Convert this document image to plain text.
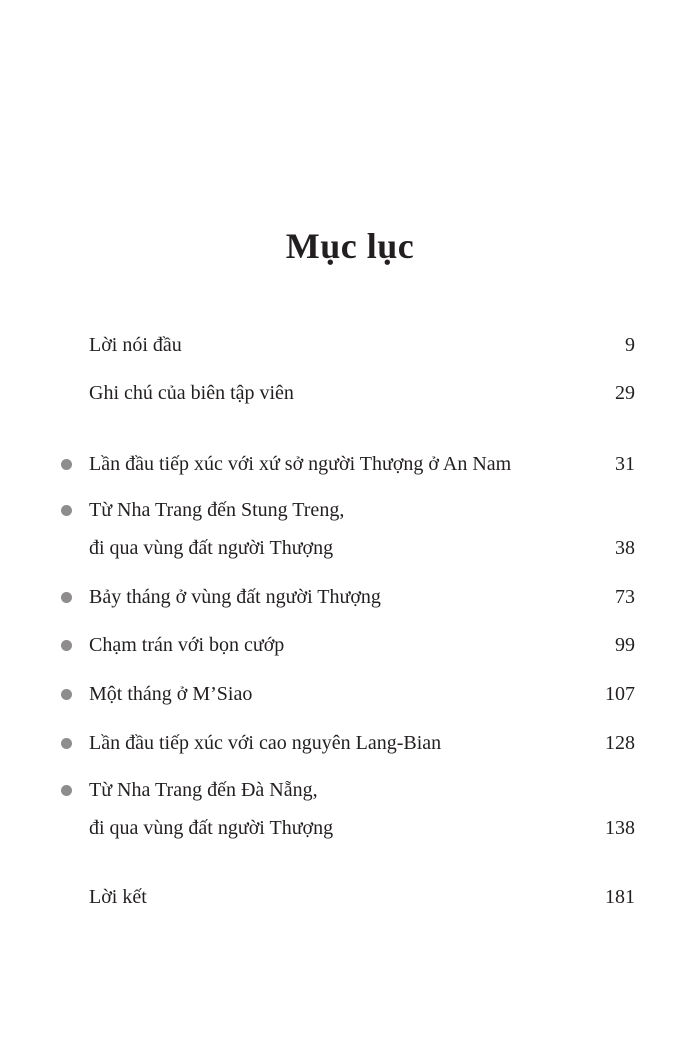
Mục lục
Lời nói đầu	9
Ghi chú của biên tập viên	29
Lần đầu tiếp xúc với xứ sở người Thượng ở An Nam	31
Từ Nha Trang đến Stung Treng,
đi qua vùng đất người Thượng	38
Bảy tháng ở vùng đất người Thượng	73
Chạm trán với bọn cướp	99
Một tháng ở M’Siao	107
Lần đầu tiếp xúc với cao nguyên Lang-Bian	128
Từ Nha Trang đến Đà Nẵng,
đi qua vùng đất người Thượng	138
Lời kết	181
